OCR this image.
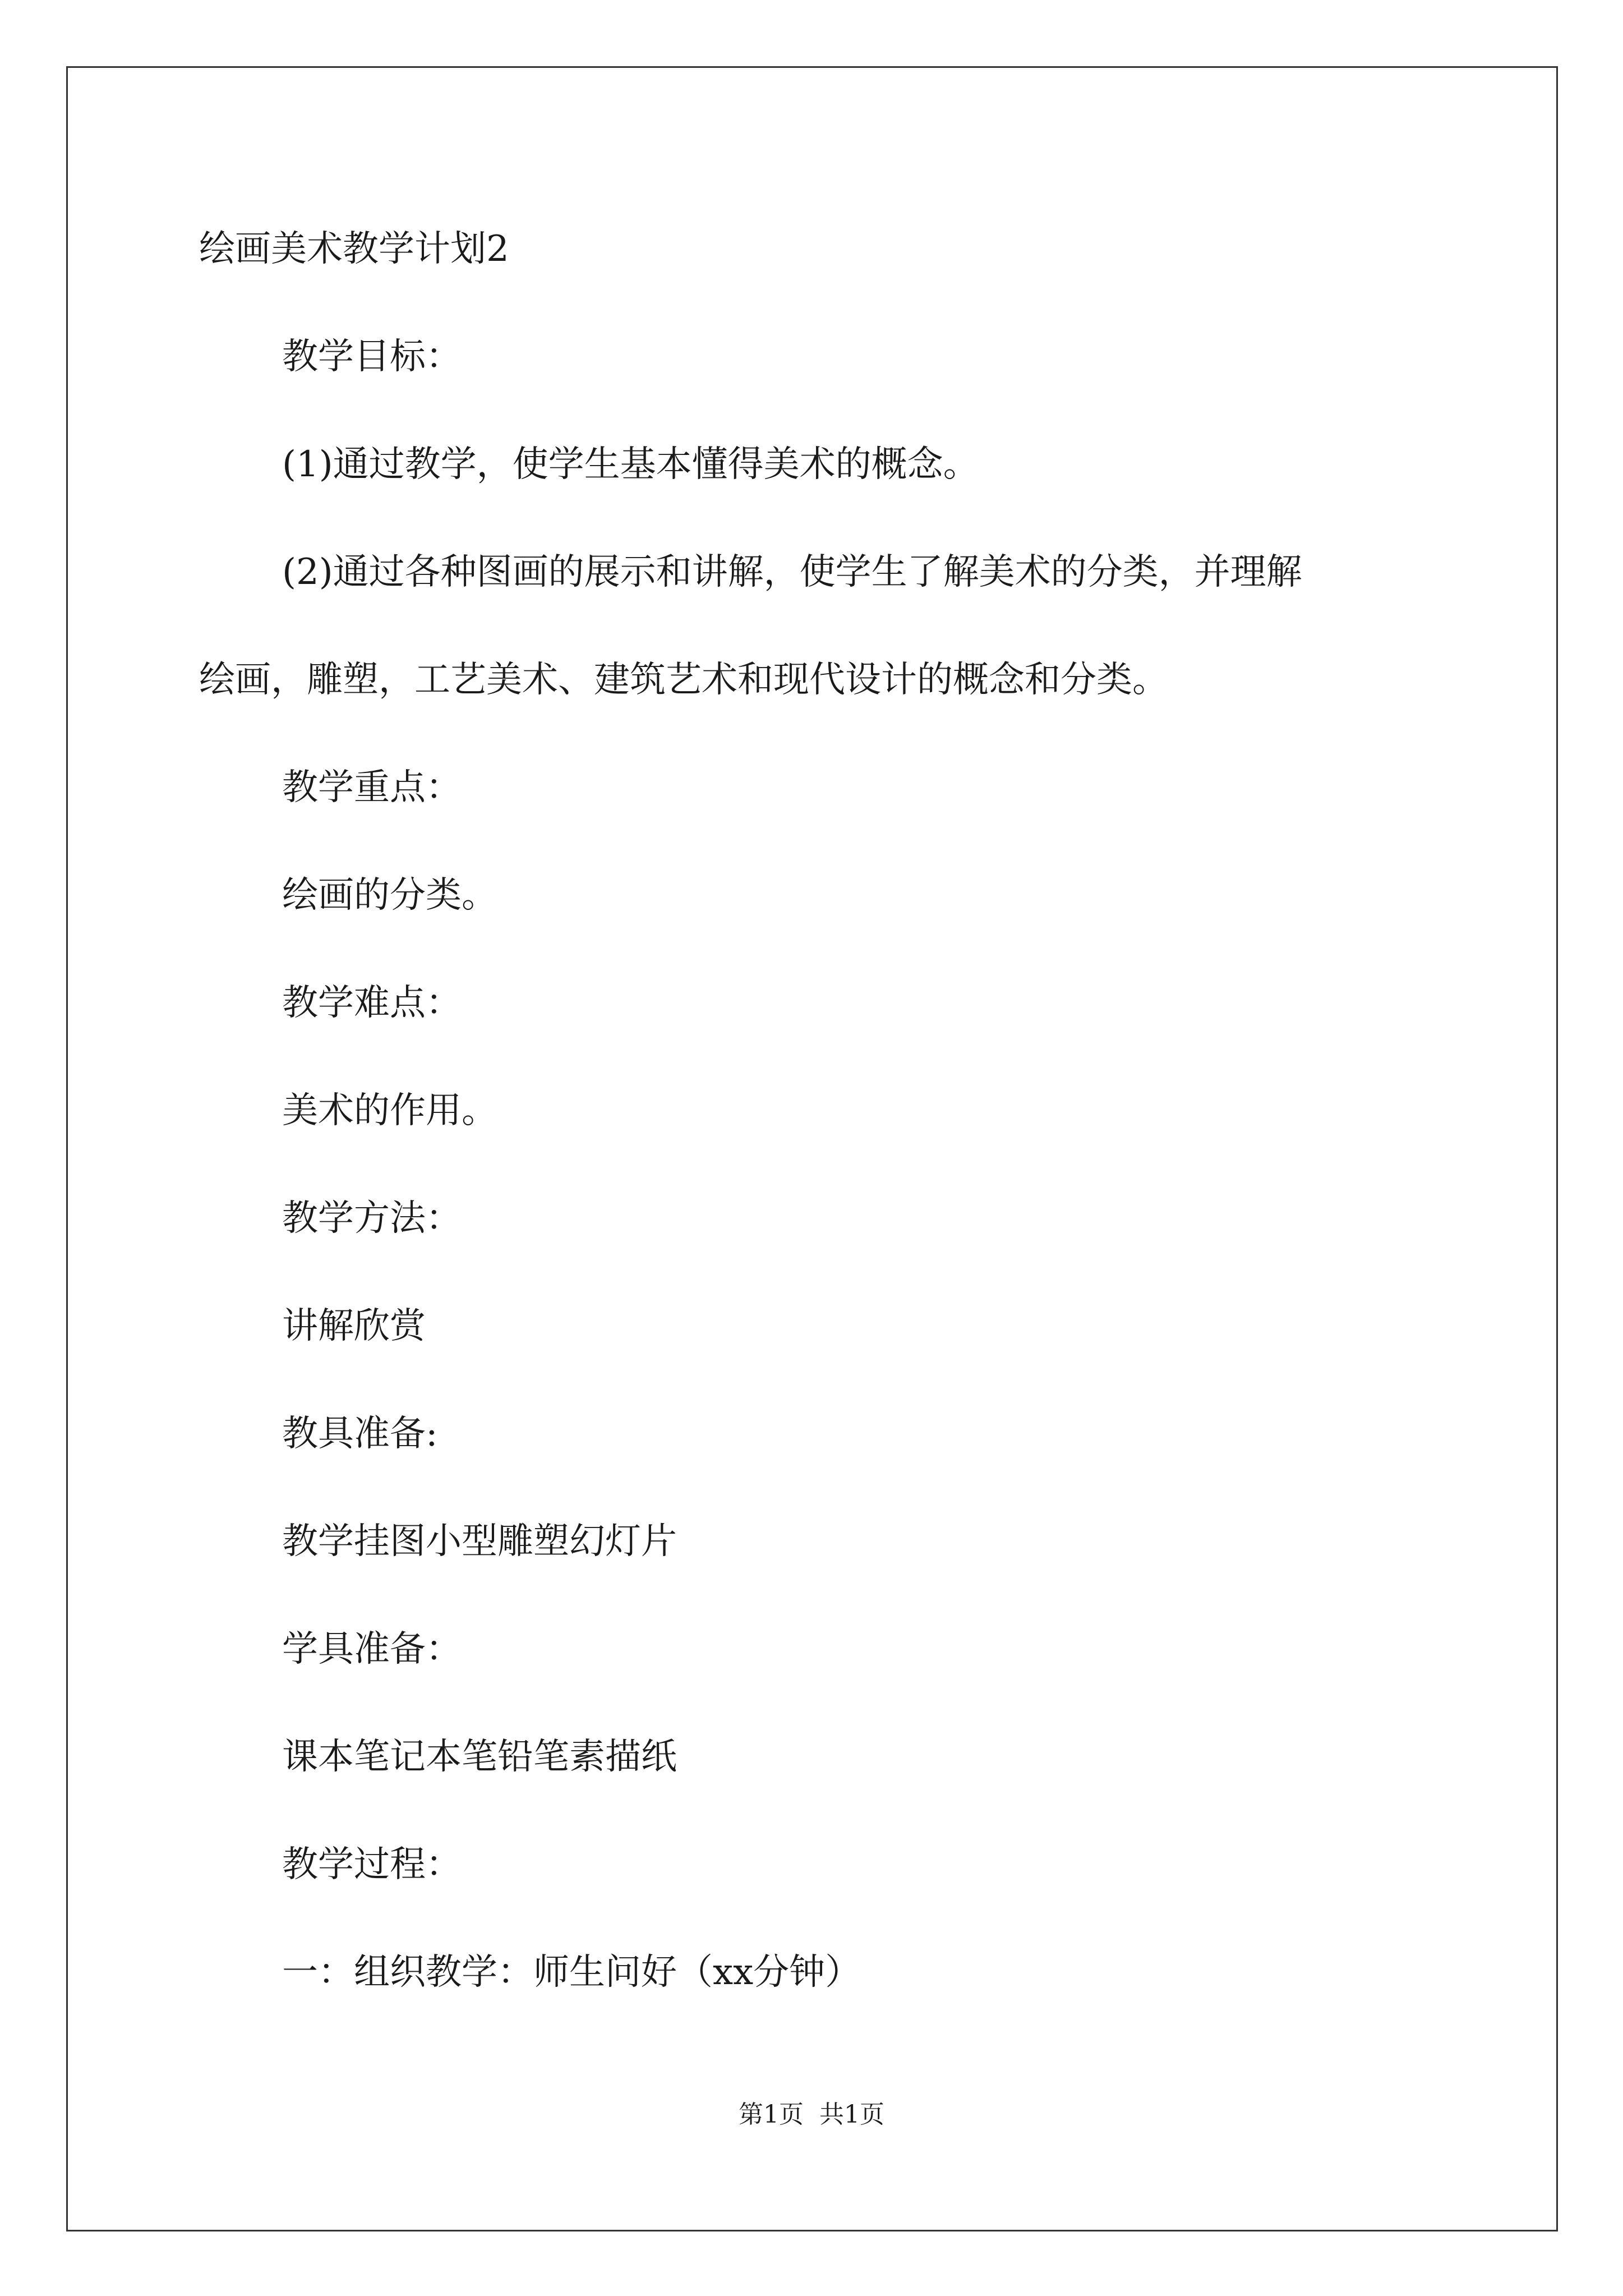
绘画美术教学计划2
教学目标：
(1)通过教学，使学生基本懂得美术的概念。
(2)通过各种图画的展示和讲解，使学生了解美术的分类，并理解
绘画，雕塑，工艺美术、建筑艺术和现代设计的概念和分类。
教学重点：
绘画的分类。
教学难点：
美术的作用。
教学方法：
讲解欣赏
教具准备:
教学挂图小型雕塑幻灯片
学具准备：
课本笔记本笔铅笔素描纸
教学过程：
一：组织教学：师生问好（xx分钟）
第1页 共1页
